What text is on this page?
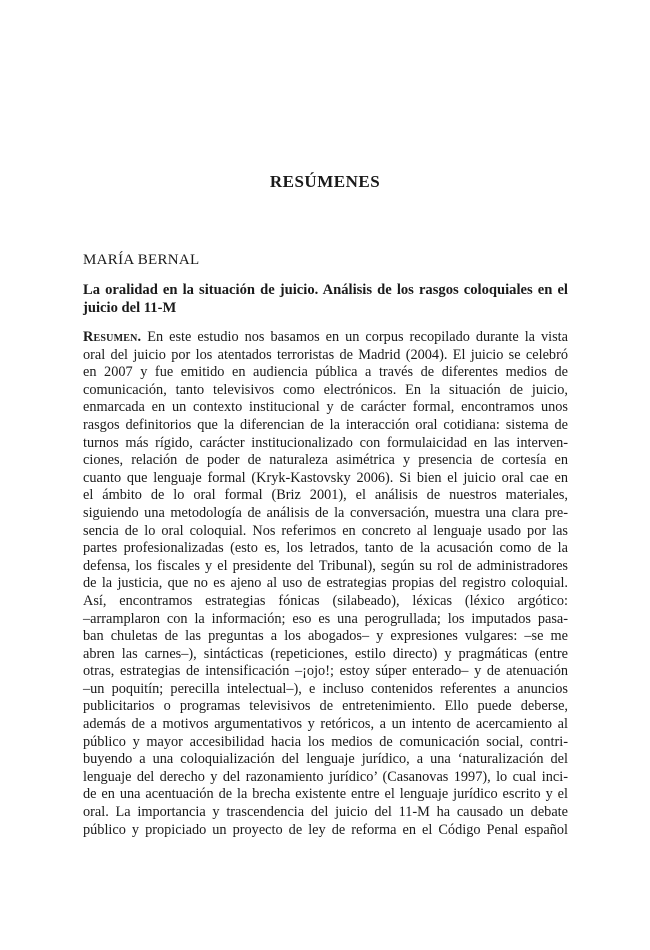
RESÚMENES
MARÍA BERNAL
La oralidad en la situación de juicio. Análisis de los rasgos coloquiales en el
juicio del 11-M
Resumen. En este estudio nos basamos en un corpus recopilado durante la vista
oral del juicio por los atentados terroristas de Madrid (2004). El juicio se celebró
en 2007 y fue emitido en audiencia pública a través de diferentes medios de
comunicación, tanto televisivos como electrónicos. En la situación de juicio,
enmarcada en un contexto institucional y de carácter formal, encontramos unos
rasgos definitorios que la diferencian de la interacción oral cotidiana: sistema de
turnos más rígido, carácter institucionalizado con formulaicidad en las interven-
ciones, relación de poder de naturaleza asimétrica y presencia de cortesía en
cuanto que lenguaje formal (Kryk-Kastovsky 2006). Si bien el juicio oral cae en
el ámbito de lo oral formal (Briz 2001), el análisis de nuestros materiales,
siguiendo una metodología de análisis de la conversación, muestra una clara pre-
sencia de lo oral coloquial. Nos referimos en concreto al lenguaje usado por las
partes profesionalizadas (esto es, los letrados, tanto de la acusación como de la
defensa, los fiscales y el presidente del Tribunal), según su rol de administradores
de la justicia, que no es ajeno al uso de estrategias propias del registro coloquial.
Así, encontramos estrategias fónicas (silabeado), léxicas (léxico argótico:
–arramplaron con la información; eso es una perogrullada; los imputados pasa-
ban chuletas de las preguntas a los abogados– y expresiones vulgares: –se me
abren las carnes–), sintácticas (repeticiones, estilo directo) y pragmáticas (entre
otras, estrategias de intensificación –¡ojo!; estoy súper enterado– y de atenuación
–un poquitín; perecilla intelectual–), e incluso contenidos referentes a anuncios
publicitarios o programas televisivos de entretenimiento. Ello puede deberse,
además de a motivos argumentativos y retóricos, a un intento de acercamiento al
público y mayor accesibilidad hacia los medios de comunicación social, contri-
buyendo a una coloquialización del lenguaje jurídico, a una ‘naturalización del
lenguaje del derecho y del razonamiento jurídico’ (Casanovas 1997), lo cual inci-
de en una acentuación de la brecha existente entre el lenguaje jurídico escrito y el
oral. La importancia y trascendencia del juicio del 11-M ha causado un debate
público y propiciado un proyecto de ley de reforma en el Código Penal español
